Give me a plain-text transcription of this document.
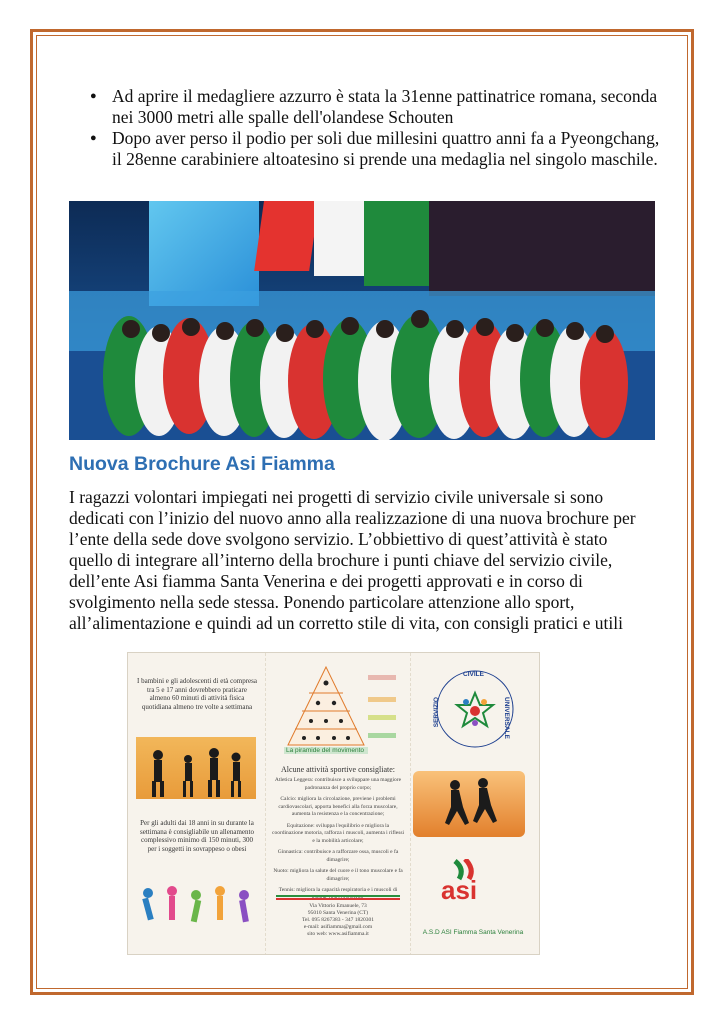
● Ad aprire il medagliere azzurro è stata la 31enne pattinatrice romana, seconda nei 3000 metri alle spalle dell'olandese Schouten
● Dopo aver perso il podio per soli due millesini quattro anni fa a Pyeongchang, il 28enne carabiniere altoatesino si prende una medaglia nel singolo maschile.
Nuova Brochure Asi Fiamma

I ragazzi volontari impiegati nei progetti di servizio civile universale si sono dedicati con l’inizio del nuovo anno alla realizzazione di una nuova brochure per l’ente della sede dove svolgono servizio. L’obbiettivo di quest’attività è stato quello di integrare all’interno della brochure i punti chiave del servizio civile, dell’ente Asi fiamma Santa Venerina e dei progetti approvati e in corso di svolgimento nella sede stessa. Ponendo particolare attenzione allo sport, all’alimentazione e quindi ad un corretto stile di vita, con consigli pratici e utili

I bambini e gli adolescenti di età compresa tra 5 e 17 anni dovrebbero praticare almeno 60 minuti di attività fisica quotidiana almeno tre volte a settimana
Per gli adulti dai 18 anni in su durante la settimana è consigliabile un allenamento complessivo minimo di 150 minuti, 300 per i soggetti in sovrappeso o obesi
La piramide del movimento
Alcune attività sportive consigliate:
Atletica Leggera: contribuisce a sviluppare una maggiore padronanza del proprio corpo;
Calcio: migliora la circolazione, previene i problemi cardiovascolari, apporta benefici alla forza muscolare, aumenta la resistenza e la concentrazione;
Equitazione: sviluppa l'equilibrio e migliora la coordinazione motoria, rafforza i muscoli, aumenta i riflessi e la mobilità articolare;
Ginnastica: contribuisce a rafforzare ossa, muscoli e fa dimagrire;
Nuoto: migliora la salute del cuore e il tono muscolare e fa dimagrire;
Tennis: migliora la capacità respiratoria e i muscoli di
Via Vittorio Emanuele, 73
95010 Santa Venerina (CT)
Tel. 095 8267383 - 347 1820301
e-mail: asifiamma@gmail.com
sito web: www.asifiamma.it
CIVILE
UNIVERSALE
SERVIZIO
asi
A.S.D ASI Fiamma Santa Venerina
